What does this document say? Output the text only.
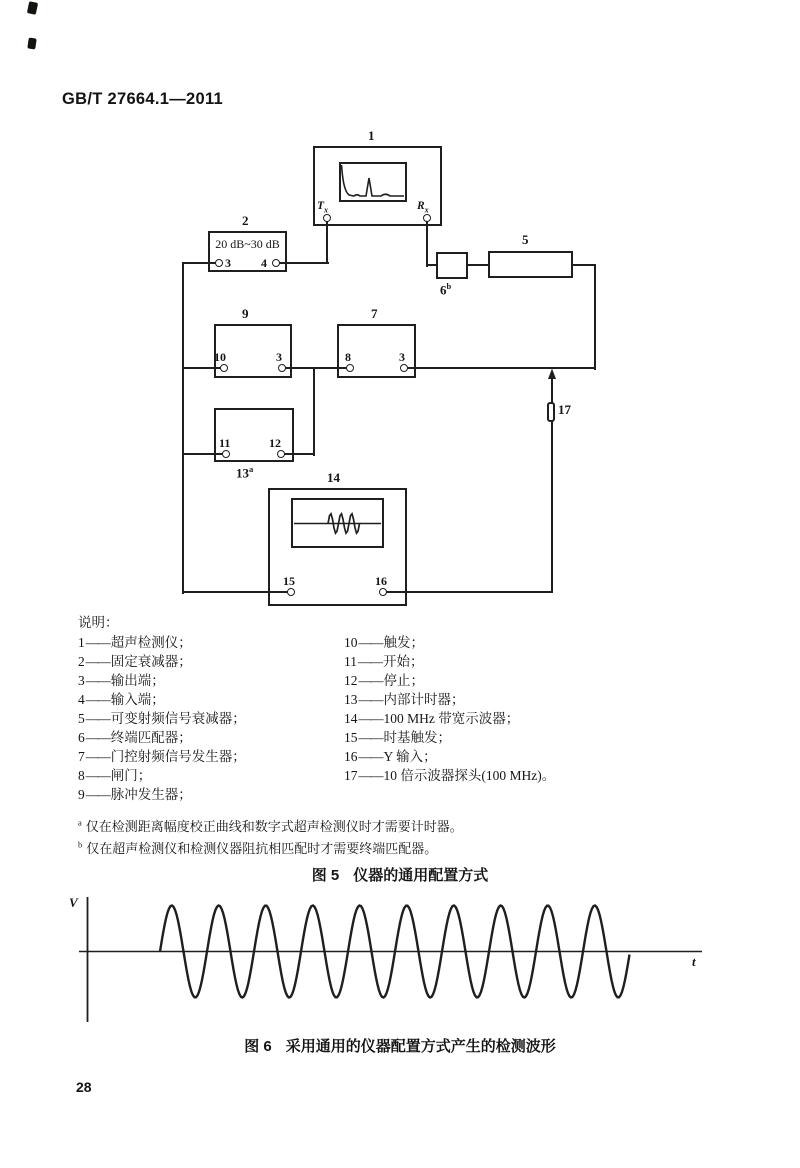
GB/T 27664.1—2011
$T_x$	$R_x$
3	4
10	3	8	3
11	12
15	16
1
2
5
6$^b$
9	7
13$^a$
14
17
20 dB~30 dB
说明：
1—— 超声检测仪；
2—— 固定衰减器；
3—— 输出端；
4—— 输入端；
5—— 可变射频信号衰减器；
6—— 终端匹配器；
7—— 门控射频信号发生器；
8—— 闸门；
9—— 脉冲发生器；
10—— 触发；
11—— 开始；
12—— 停止；
13—— 内部计时器；
14—— 100 MHz 带宽示波器；
15—— 时基触发；
16—— Y 输入；
17—— 10 倍示波器探头(100 MHz)。
$^a$ 仅在检测距离幅度校正曲线和数字式超声检测仪时才需要计时器。
$^b$ 仅在超声检测仪和检测仪器阻抗相匹配时才需要终端匹配器。
图 5 仪器的通用配置方式
V
t
图 6 采用通用的仪器配置方式产生的检测波形
28
